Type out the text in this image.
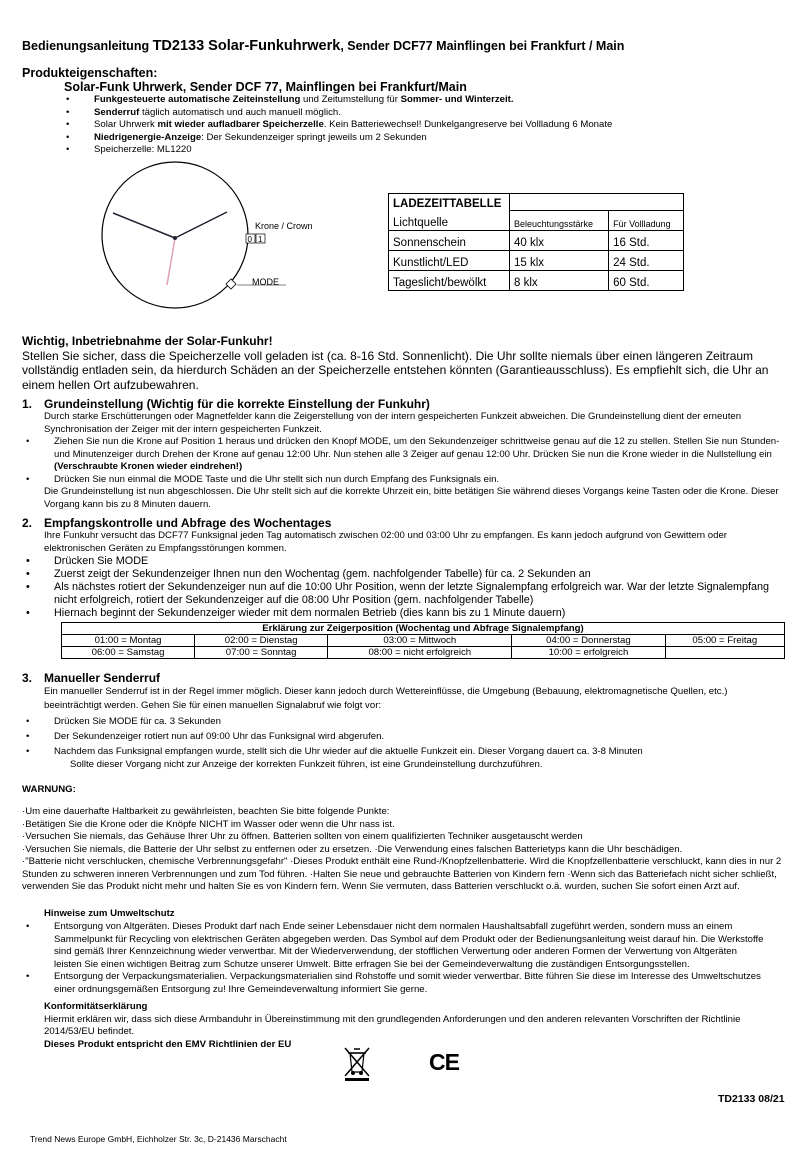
Bedienungsanleitung TD2133 Solar-Funkuhrwerk, Sender DCF77 Mainflingen bei Frankfurt / Main
Produkteigenschaften:
Solar-Funk Uhrwerk, Sender DCF 77, Mainflingen bei Frankfurt/Main
• Funkgesteuerte automatische Zeiteinstellung und Zeitumstellung für Sommer- und Winterzeit.
• Senderruf täglich automatisch und auch manuell möglich.
• Solar Uhrwerk mit wieder aufladbarer Speicherzelle. Kein Batteriewechsel! Dunkelgangreserve bei Vollladung 6 Monate
• Niedrigenergie-Anzeige: Der Sekundenzeiger springt jeweils um 2 Sekunden
• Speicherzelle: ML1220
0 1
Krone / Crown
MODE
LADEZEITTABELLE		
Lichtquelle	Beleuchtungsstärke	Für Vollladung
Sonnenschein	40 klx	16 Std.
Kunstlicht/LED	15 klx	24 Std.
Tageslicht/bewölkt	8 klx	60 Std.
Wichtig, Inbetriebnahme der Solar-Funkuhr!
Stellen Sie sicher, dass die Speicherzelle voll geladen ist (ca. 8-16 Std. Sonnenlicht). Die Uhr sollte niemals über einen längeren Zeitraum vollständig entladen sein, da hierdurch Schäden an der Speicherzelle entstehen könnten (Garantieausschluss). Es empfiehlt sich, die Uhr an einem hellen Ort aufzubewahren.
1. Grundeinstellung (Wichtig für die korrekte Einstellung der Funkuhr)
Durch starke Erschütterungen oder Magnetfelder kann die Zeigerstellung von der intern gespeicherten Funkzeit abweichen. Die Grundeinstellung dient der erneuten Synchronisation der Zeiger mit der intern gespeicherten Funkzeit.
• Ziehen Sie nun die Krone auf Position 1 heraus und drücken den Knopf MODE, um den Sekundenzeiger schrittweise genau auf die 12 zu stellen. Stellen Sie nun Stunden- und Minutenzeiger durch Drehen der Krone auf genau 12:00 Uhr. Nun stehen alle 3 Zeiger auf genau 12:00 Uhr. Drücken Sie nun die Krone wieder in die Nullstellung ein (Verschraubte Kronen wieder eindrehen!)
• Drücken Sie nun einmal die MODE Taste und die Uhr stellt sich nun durch Empfang des Funksignals ein.
Die Grundeinstellung ist nun abgeschlossen. Die Uhr stellt sich auf die korrekte Uhrzeit ein, bitte betätigen Sie während dieses Vorgangs keine Tasten oder die Krone. Dieser Vorgang kann bis zu 8 Minuten dauern.
2. Empfangskontrolle und Abfrage des Wochentages
Ihre Funkuhr versucht das DCF77 Funksignal jeden Tag automatisch zwischen 02:00 und 03:00 Uhr zu empfangen. Es kann jedoch aufgrund von Gewittern oder elektronischen Geräten zu Empfangsstörungen kommen.
• Drücken Sie MODE
• Zuerst zeigt der Sekundenzeiger Ihnen nun den Wochentag (gem. nachfolgender Tabelle) für ca. 2 Sekunden an
• Als nächstes rotiert der Sekundenzeiger nun auf die 10:00 Uhr Position, wenn der letzte Signalempfang erfolgreich war. War der letzte Signalempfang nicht erfolgreich, rotiert der Sekundenzeiger auf die 08:00 Uhr Position (gem. nachfolgender Tabelle)
• Hiernach beginnt der Sekundenzeiger wieder mit dem normalen Betrieb (dies kann bis zu 1 Minute dauern)
Erklärung zur Zeigerposition (Wochentag und Abfrage Signalempfang)				
01:00 = Montag	02:00 = Dienstag	03:00 = Mittwoch	04:00 = Donnerstag	05:00 = Freitag
06:00 = Samstag	07:00 = Sonntag	08:00 = nicht erfolgreich	10:00 = erfolgreich	
3. Manueller Senderruf
Ein manueller Senderruf ist in der Regel immer möglich. Dieser kann jedoch durch Wettereinflüsse, die Umgebung (Bebauung, elektromagnetische Quellen, etc.) beeinträchtigt werden. Gehen Sie für einen manuellen Signalabruf wie folgt vor:
• Drücken Sie MODE für ca. 3 Sekunden
• Der Sekundenzeiger rotiert nun auf 09:00 Uhr das Funksignal wird abgerufen.
• Nachdem das Funksignal empfangen wurde, stellt sich die Uhr wieder auf die aktuelle Funkzeit ein. Dieser Vorgang dauert ca. 3-8 Minuten
Sollte dieser Vorgang nicht zur Anzeige der korrekten Funkzeit führen, ist eine Grundeinstellung durchzuführen.
WARNUNG:
·Um eine dauerhafte Haltbarkeit zu gewährleisten, beachten Sie bitte folgende Punkte:
·Betätigen Sie die Krone oder die Knöpfe NICHT im Wasser oder wenn die Uhr nass ist.
·Versuchen Sie niemals, das Gehäuse Ihrer Uhr zu öffnen. Batterien sollten von einem qualifizierten Techniker ausgetauscht werden
·Versuchen Sie niemals, die Batterie der Uhr selbst zu entfernen oder zu ersetzen. ·Die Verwendung eines falschen Batterietyps kann die Uhr beschädigen.
·"Batterie nicht verschlucken, chemische Verbrennungsgefahr" ·Dieses Produkt enthält eine Rund-/Knopfzellenbatterie. Wird die Knopfzellenbatterie verschluckt, kann dies in nur 2 Stunden zu schweren inneren Verbrennungen und zum Tod führen. ·Halten Sie neue und gebrauchte Batterien von Kindern fern ·Wenn sich das Batteriefach nicht sicher schließt, verwenden Sie das Produkt nicht mehr und halten Sie es von Kindern fern. Wenn Sie vermuten, dass Batterien verschluckt o.ä. wurden, suchen Sie sofort einen Arzt auf.
Hinweise zum Umweltschutz
• Entsorgung von Altgeräten. Dieses Produkt darf nach Ende seiner Lebensdauer nicht dem normalen Haushaltsabfall zugeführt werden, sondern muss an einem Sammelpunkt für Recycling von elektrischen Geräten abgegeben werden. Das Symbol auf dem Produkt oder der Bedienungsanleitung weist darauf hin. Die Werkstoffe sind gemäß Ihrer Kennzeichnung wieder verwertbar. Mit der Wiederverwendung, der stofflichen Verwertung oder anderen Formen der Verwertung von Altgeräten leisten Sie einen wichtigen Beitrag zum Schutze unserer Umwelt. Bitte erfragen Sie bei der Gemeindeverwaltung die zuständigen Entsorgungsstellen.
• Entsorgung der Verpackungsmaterialien. Verpackungsmaterialien sind Rohstoffe und somit wieder verwertbar. Bitte führen Sie diese im Interesse des Umweltschutzes einer ordnungsgemäßen Entsorgung zu! Ihre Gemeindeverwaltung informiert Sie gerne.
Konformitätserklärung
Hiermit erklären wir, dass sich diese Armbanduhr in Übereinstimmung mit den grundlegenden Anforderungen und den anderen relevanten Vorschriften der Richtlinie 2014/53/EU befindet.
Dieses Produkt entspricht den EMV Richtlinien der EU
CE
TD2133 08/21
Trend News Europe GmbH, Eichholzer Str. 3c, D-21436 Marschacht
